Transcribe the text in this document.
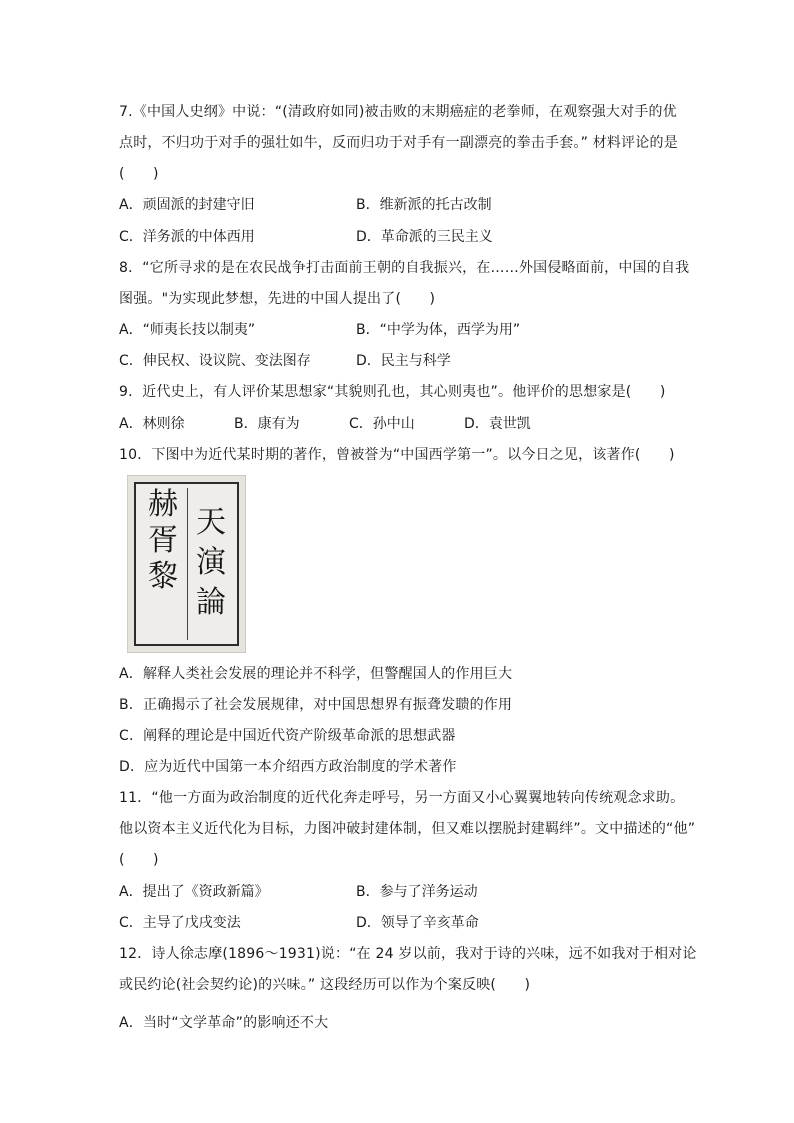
7.《中国人史纲》中说：“(清政府如同)被击败的末期癌症的老拳师，在观察强大对手的优
点时，不归功于对手的强壮如牛，反而归功于对手有一副漂亮的拳击手套。” 材料评论的是
(　　)
A．顽固派的封建守旧	B．维新派的托古改制
C．洋务派的中体西用	D．革命派的三民主义
8．“它所寻求的是在农民战争打击面前王朝的自我振兴，在……外国侵略面前，中国的自我
图强。"为实现此梦想，先进的中国人提出了(　　)
A．“师夷长技以制夷”	B．“中学为体，西学为用”
C．伸民权、设议院、变法图存	D．民主与科学
9．近代史上，有人评价某思想家“其貌则孔也，其心则夷也”。他评价的思想家是(　　)
A．林则徐	B．康有为	C．孙中山	D．袁世凯
10．下图中为近代某时期的著作，曾被誉为“中国西学第一”。以今日之见，该著作(　　)
赫
胥
黎
天
演
論
A．解释人类社会发展的理论并不科学，但警醒国人的作用巨大
B．正确揭示了社会发展规律，对中国思想界有振聋发聩的作用
C．阐释的理论是中国近代资产阶级革命派的思想武器
D．应为近代中国第一本介绍西方政治制度的学术著作
11．“他一方面为政治制度的近代化奔走呼号，另一方面又小心翼翼地转向传统观念求助。
他以资本主义近代化为目标，力图冲破封建体制，但又难以摆脱封建羁绊”。文中描述的“他”
(　　)
A．提出了《资政新篇》	B．参与了洋务运动
C．主导了戊戌变法	D．领导了辛亥革命
12．诗人徐志摩(1896～1931)说：“在 24 岁以前，我对于诗的兴味，远不如我对于相对论
或民约论(社会契约论)的兴味。” 这段经历可以作为个案反映(　　)
A．当时“文学革命”的影响还不大
